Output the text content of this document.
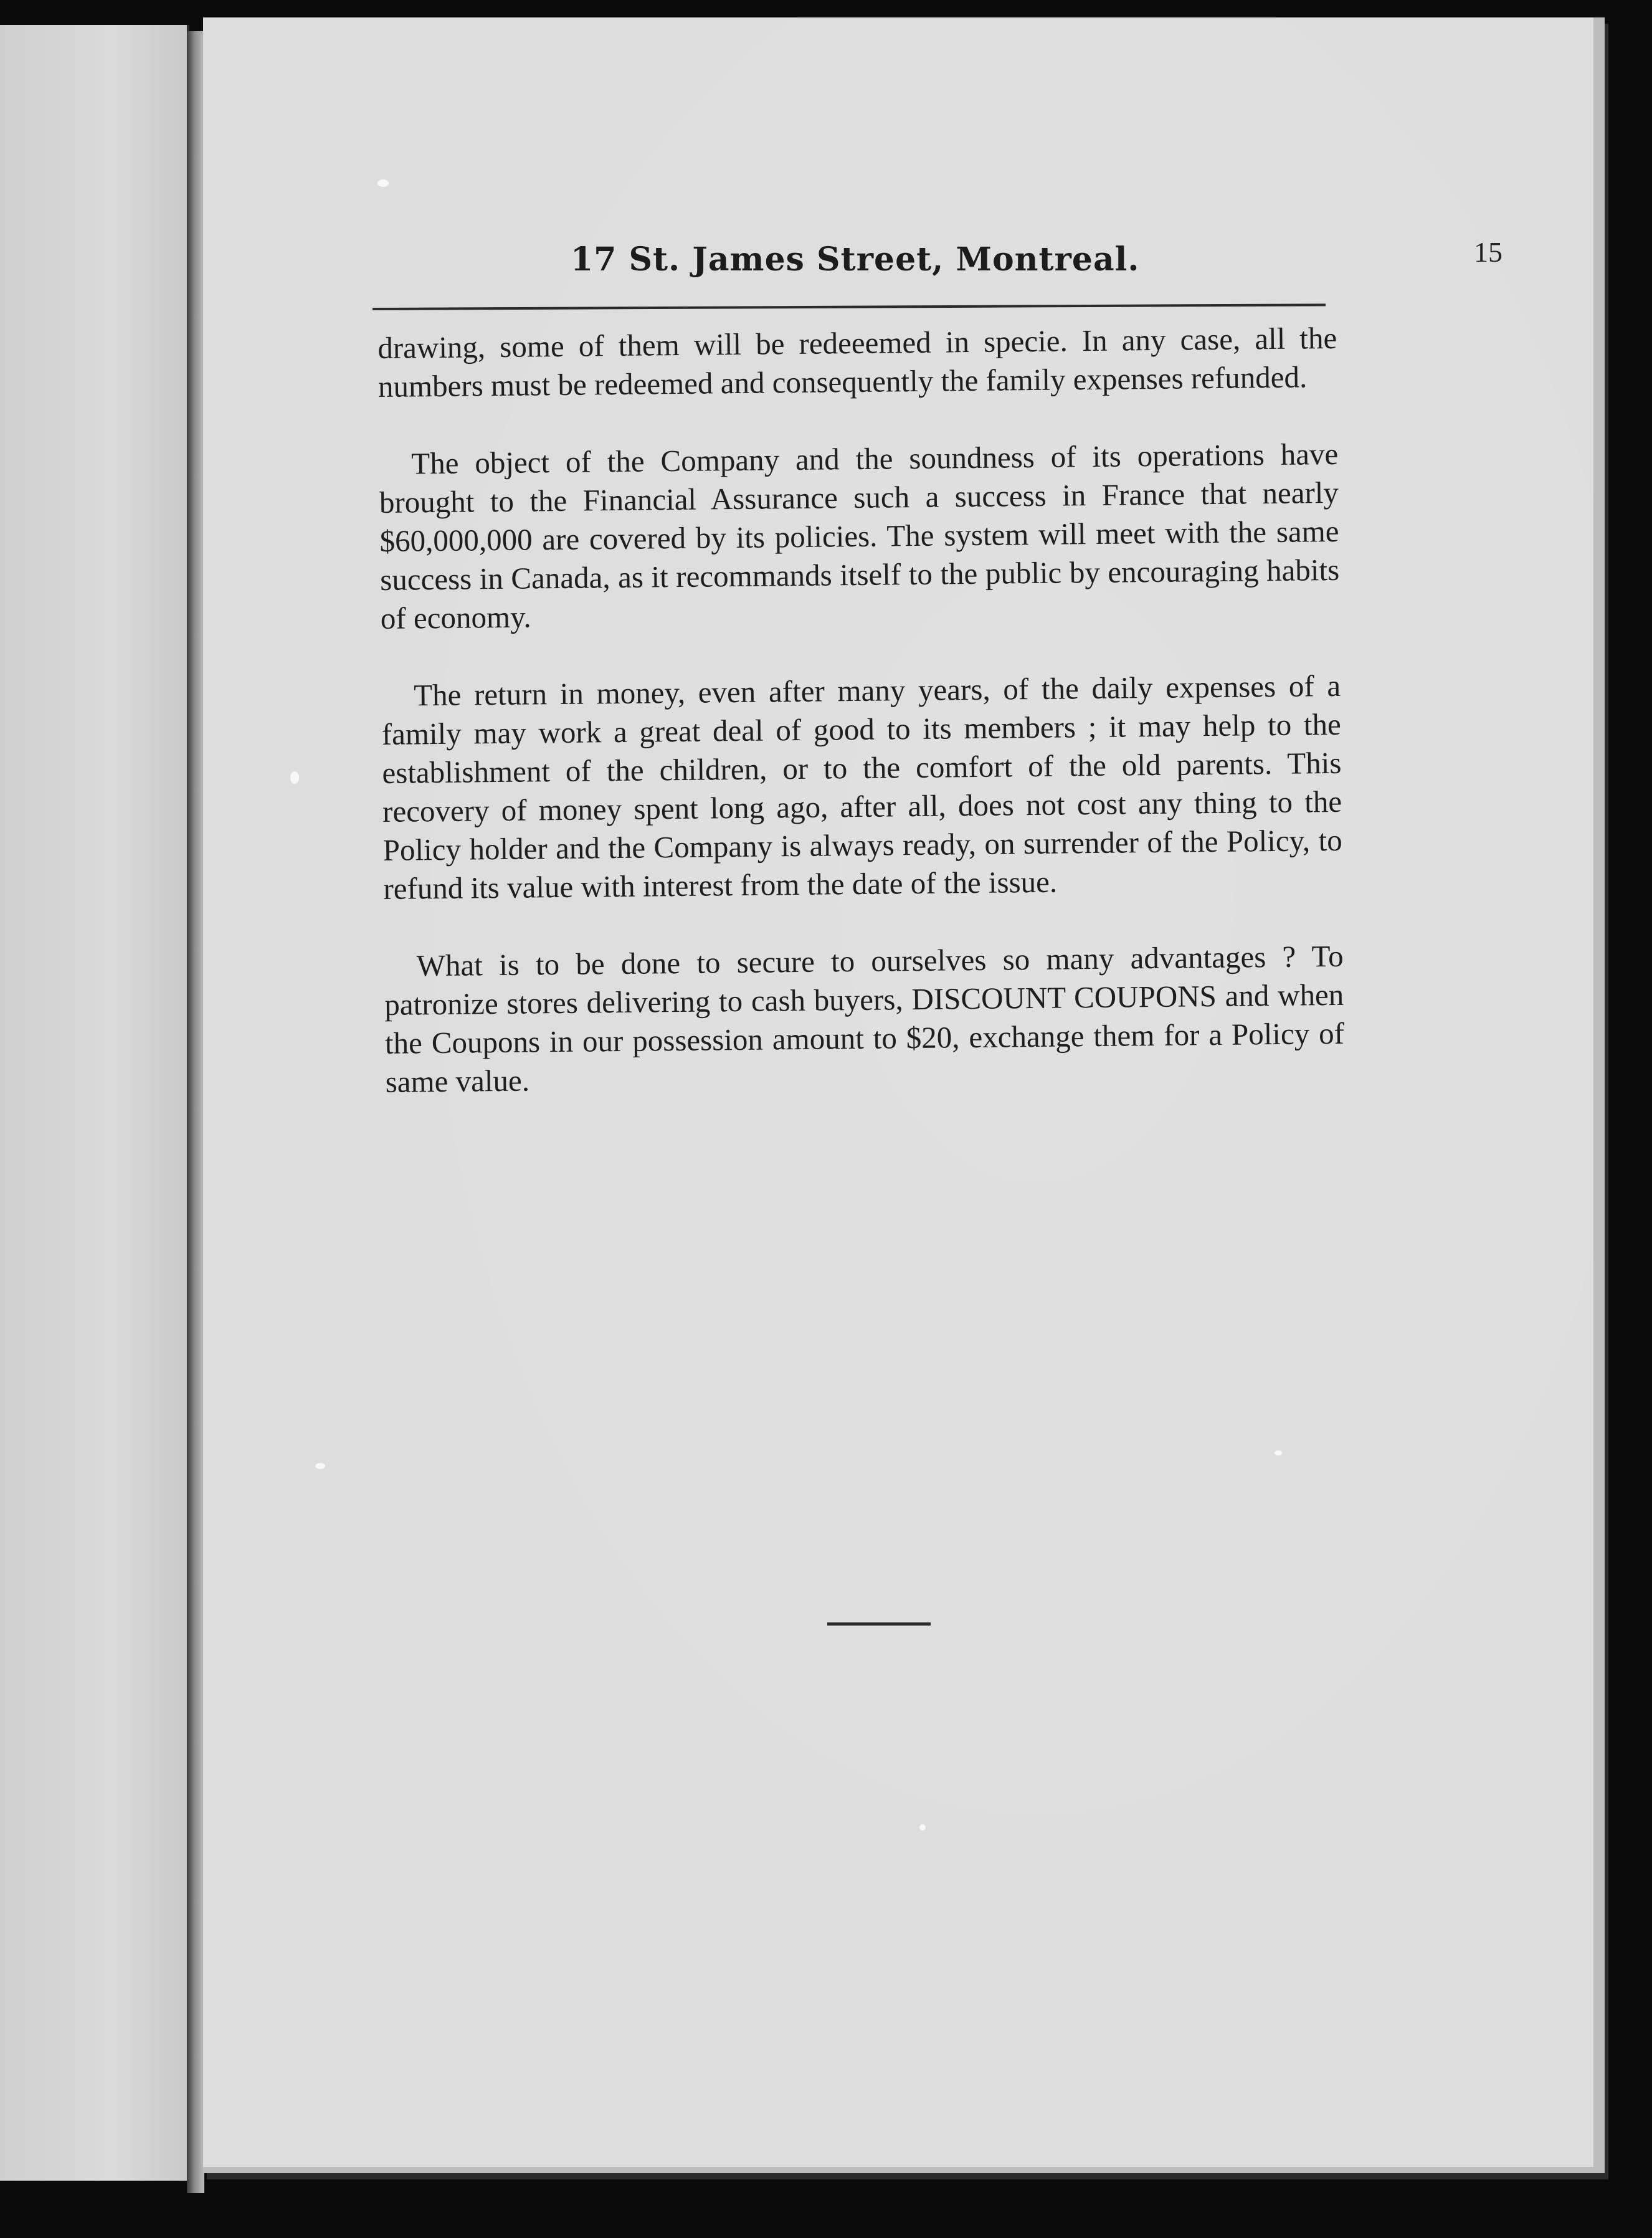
17 St. James Street, Montreal.	15

drawing, some of them will be redeeemed in specie. In any case, all the numbers must be redeemed and consequently the family expenses refunded.

The object of the Company and the soundness of its operations have brought to the Financial Assurance such a success in France that nearly $60,000,000 are covered by its policies. The system will meet with the same success in Canada, as it recommands itself to the public by encouraging habits of economy.

The return in money, even after many years, of the daily expenses of a family may work a great deal of good to its members ; it may help to the establishment of the children, or to the comfort of the old parents. This recovery of money spent long ago, after all, does not cost any thing to the Policy holder and the Company is always ready, on surrender of the Policy, to refund its value with interest from the date of the issue.

What is to be done to secure to ourselves so many advantages ? To patronize stores delivering to cash buyers, DISCOUNT COUPONS and when the Coupons in our possession amount to $20, exchange them for a Policy of same value.
